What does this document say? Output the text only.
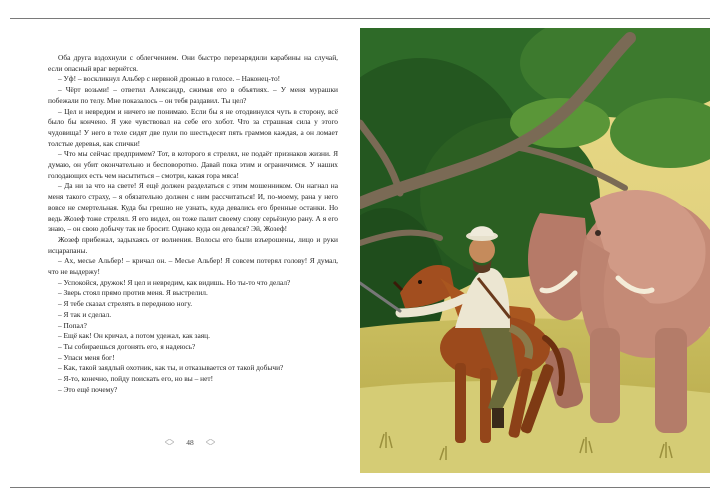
Оба друга вздохнули с облегчением. Они быстро перезарядили карабины на случай, если опасный враг вернётся.

– Уф! – воскликнул Альбер с нервной дрожью в голосе. – Наконец-то!

– Чёрт возьми! – ответил Александр, сжимая его в объятиях. – У меня мурашки побежали по телу. Мне показалось – он тебя раздавил. Ты цел?

– Цел и невредим и ничего не понимаю. Если бы я не отодвинулся чуть в сторону, всё было бы кончено. Я уже чувствовал на себе его хобот. Что за страшная сила у этого чудовища! У него в теле сидят две пули по шестьдесят пять граммов каждая, а он ломает толстые деревья, как спички!

– Что мы сейчас предпримем? Тот, в которого я стрелял, не подаёт признаков жизни. Я думаю, он убит окончательно и бесповоротно. Давай пока этим и ограничимся. У наших голодающих есть чем насытиться – смотри, какая гора мяса!

– Да ни за что на свете! Я ещё должен разделаться с этим мошенником. Он нагнал на меня такого страху, – я обязательно должен с ним рассчитаться! И, по-моему, рана у него вовсе не смертельная. Куда бы грешно не узнать, куда девались его бренные останки. Но ведь Жозеф тоже стрелял. Я его видел, он тоже палит своему слову серьёзную рану. А я его знаю, – он свою добычу так не бросит. Однако куда он девался? Эй, Жозеф!

Жозеф прибежал, задыхаясь от волнения. Волосы его были взъерошены, лицо и руки исцарапаны.

– Ах, месье Альбер! – кричал он. – Месье Альбер! Я совсем потерял голову! Я думал, что не выдержу!

– Успокойся, дружок! Я цел и невредим, как видишь. Но ты-то что делал?

– Зверь стоял прямо против меня. Я выстрелил.

– Я тебе сказал стрелять в переднюю ногу.

– Я так и сделал.

– Попал?

– Ещё как! Он кричал, а потом удежал, как заяц.

– Ты собираешься догонять его, я надеюсь?

– Упаси меня бог!

– Как, такой заядлый охотник, как ты, и отказывается от такой добычи?

– Я-то, конечно, пойду поискать его, но вы – нет!

– Это ещё почему?

48
